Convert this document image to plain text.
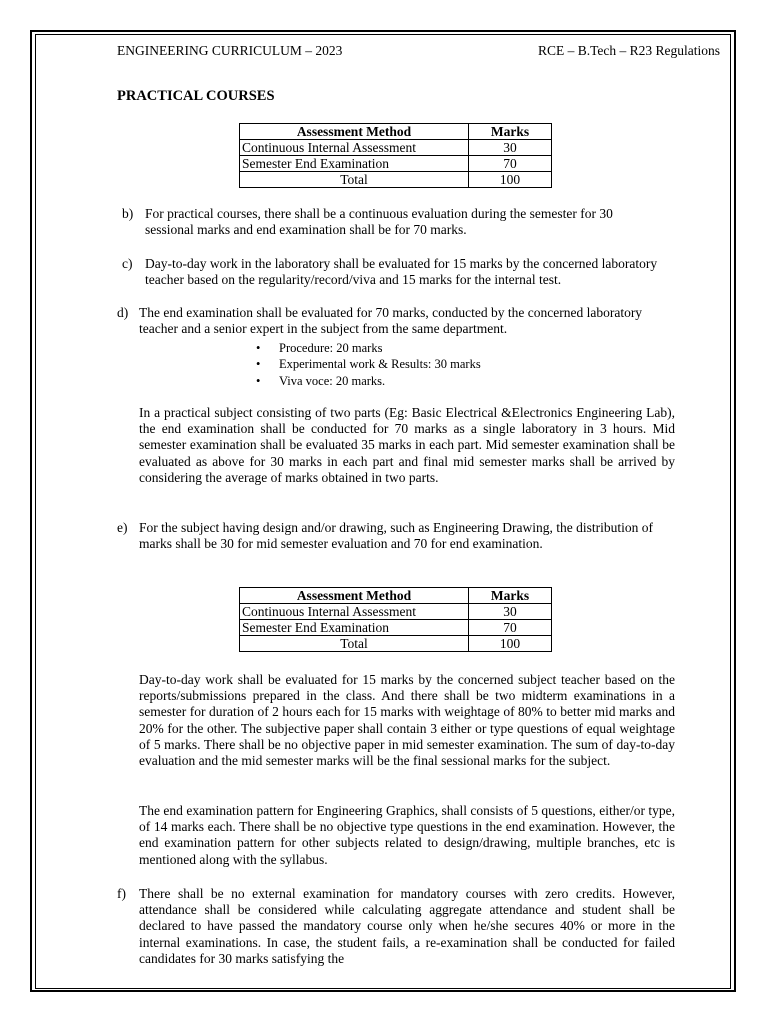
ENGINEERING CURRICULUM – 2023	RCE – B.Tech – R23 Regulations
PRACTICAL COURSES
Assessment Method	Marks
Continuous Internal Assessment	30
Semester End Examination	70
Total	100
b) For practical courses, there shall be a continuous evaluation during the semester for 30 sessional marks and end examination shall be for 70 marks.

c) Day-to-day work in the laboratory shall be evaluated for 15 marks by the concerned laboratory teacher based on the regularity/record/viva and 15 marks for the internal test.

d) The end examination shall be evaluated for 70 marks, conducted by the concerned laboratory teacher and a senior expert in the subject from the same department.

• Procedure: 20 marks
• Experimental work & Results: 30 marks
• Viva voce: 20 marks.

In a practical subject consisting of two parts (Eg: Basic Electrical &Electronics Engineering Lab), the end examination shall be conducted for 70 marks as a single laboratory in 3 hours. Mid semester examination shall be evaluated 35 marks in each part. Mid semester examination shall be evaluated as above for 30 marks in each part and final mid semester marks shall be arrived by considering the average of marks obtained in two parts.

e) For the subject having design and/or drawing, such as Engineering Drawing, the distribution of marks shall be 30 for mid semester evaluation and 70 for end examination.

Assessment Method	Marks
Continuous Internal Assessment	30
Semester End Examination	70
Total	100

Day-to-day work shall be evaluated for 15 marks by the concerned subject teacher based on the reports/submissions prepared in the class. And there shall be two midterm examinations in a semester for duration of 2 hours each for 15 marks with weightage of 80% to better mid marks and 20% for the other. The subjective paper shall contain 3 either or type questions of equal weightage of 5 marks. There shall be no objective paper in mid semester examination. The sum of day-to-day evaluation and the mid semester marks will be the final sessional marks for the subject.

The end examination pattern for Engineering Graphics, shall consists of 5 questions, either/or type, of 14 marks each. There shall be no objective type questions in the end examination. However, the end examination pattern for other subjects related to design/drawing, multiple branches, etc is mentioned along with the syllabus.

f) There shall be no external examination for mandatory courses with zero credits. However, attendance shall be considered while calculating aggregate attendance and student shall be declared to have passed the mandatory course only when he/she secures 40% or more in the internal examinations. In case, the student fails, a re-examination shall be conducted for failed candidates for 30 marks satisfying the
